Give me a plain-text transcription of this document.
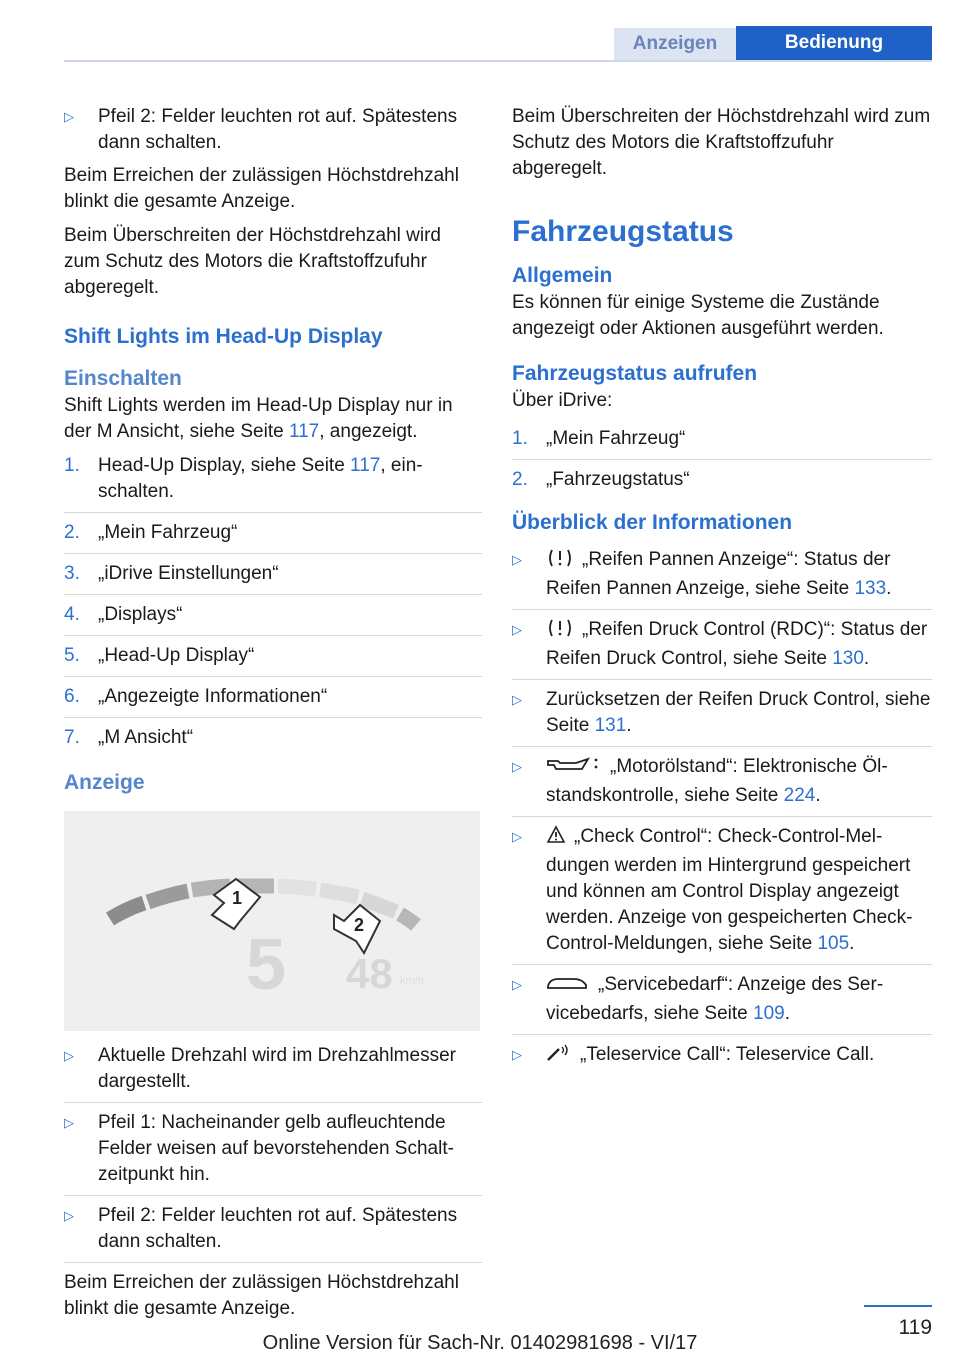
Anzeigen	Bedienung
▷	Pfeil 2: Felder leuchten rot auf. Spätestens dann schalten.

Beim Erreichen der zulässigen Höchstdrehzahl blinkt die gesamte Anzeige.

Beim Überschreiten der Höchstdrehzahl wird zum Schutz des Motors die Kraftstoffzufuhr abgeregelt.

Shift Lights im Head-Up Display
Einschalten

Shift Lights werden im Head-Up Display nur in der M Ansicht, siehe Seite 117, angezeigt.

1. Head-Up Display, siehe Seite 117, einschalten.
2. „Mein Fahrzeug“
3. „iDrive Einstellungen“
4. „Displays“
5. „Head-Up Display“
6. „Angezeigte Informationen“
7. „M Ansicht“
Anzeige
1
2
5 48 km/h
▷	Aktuelle Drehzahl wird im Drehzahlmesser dargestellt.
▷	Pfeil 1: Nacheinander gelb aufleuchtende Felder weisen auf bevorstehenden Schaltzeitpunkt hin.
▷	Pfeil 2: Felder leuchten rot auf. Spätestens dann schalten.

Beim Erreichen der zulässigen Höchstdrehzahl blinkt die gesamte Anzeige.

Beim Überschreiten der Höchstdrehzahl wird zum Schutz des Motors die Kraftstoffzufuhr abgeregelt.

Fahrzeugstatus
Allgemein

Es können für einige Systeme die Zustände angezeigt oder Aktionen ausgeführt werden.

Fahrzeugstatus aufrufen

Über iDrive:

1. „Mein Fahrzeug“
2. „Fahrzeugstatus“
Überblick der Informationen
▷	„Reifen Pannen Anzeige“: Status der Reifen Pannen Anzeige, siehe Seite 133.
▷	„Reifen Druck Control (RDC)“: Status der Reifen Druck Control, siehe Seite 130.
▷	Zurücksetzen der Reifen Druck Control, siehe Seite 131.
▷	„Motorölstand“: Elektronische Ölstandskontrolle, siehe Seite 224.
▷	„Check Control“: Check-Control-Meldungen werden im Hintergrund gespeichert und können am Control Display angezeigt werden. Anzeige von gespeicherten Check-Control-Meldungen, siehe Seite 105.
▷	„Servicebedarf“: Anzeige des Servicebedarfs, siehe Seite 109.
▷	„Teleservice Call“: Teleservice Call.
119
Online Version für Sach-Nr. 01402981698 - VI/17
